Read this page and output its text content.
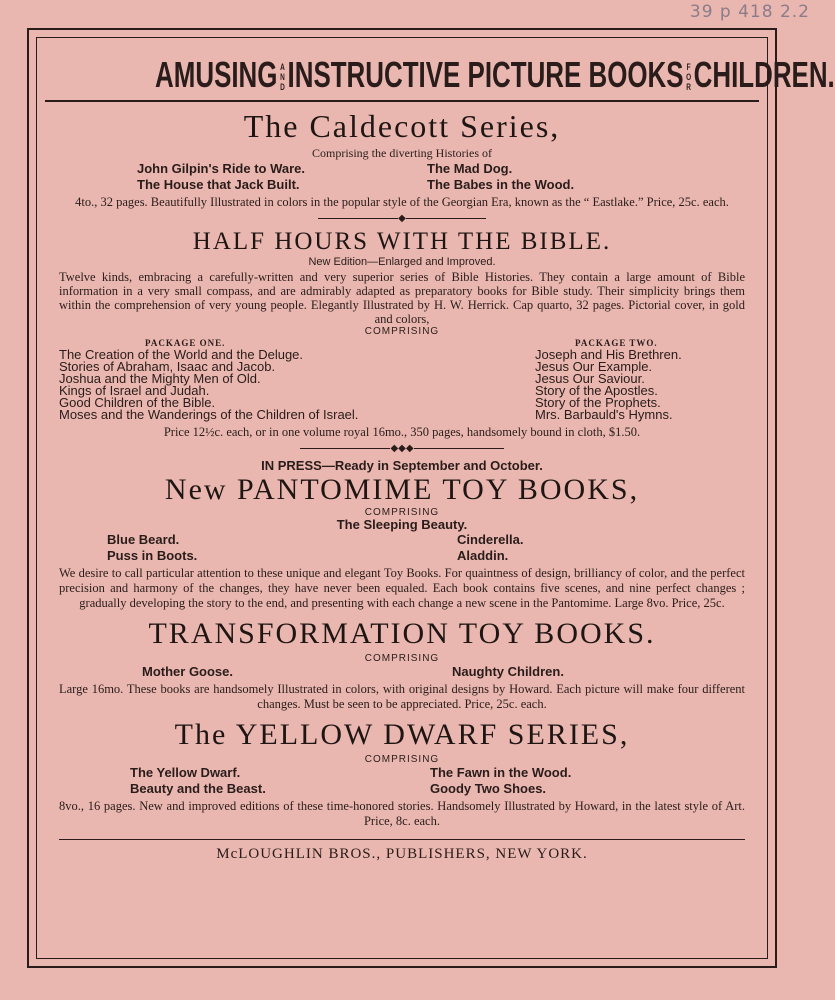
39 p 418 2.2
AMUSINGANDINSTRUCTIVE PICTURE BOOKSFORCHILDREN.
The Caldecott Series,
Comprising the diverting Histories of
John Gilpin's Ride to Ware.
The House that Jack Built.
The Mad Dog.
The Babes in the Wood.
4to., 32 pages. Beautifully Illustrated in colors in the popular style of the Georgian Era, known as the “ Eastlake.” Price, 25c. each.
◆
HALF HOURS WITH THE BIBLE.
New Edition—Enlarged and Improved.
Twelve kinds, embracing a carefully-written and very superior series of Bible Histories. They contain a large amount of Bible information in a very small compass, and are admirably adapted as preparatory books for Bible study. Their simplicity brings them within the comprehension of very young people. Elegantly Illustrated by H. W. Herrick. Cap quarto, 32 pages. Pictorial cover, in gold and colors,
COMPRISING
PACKAGE ONE.
The Creation of the World and the Deluge.
Stories of Abraham, Isaac and Jacob.
Joshua and the Mighty Men of Old.
Kings of Israel and Judah.
Good Children of the Bible.
Moses and the Wanderings of the Children of Israel.
PACKAGE TWO.
Joseph and His Brethren.
Jesus Our Example.
Jesus Our Saviour.
Story of the Apostles.
Story of the Prophets.
Mrs. Barbauld's Hymns.
Price 12½c. each, or in one volume royal 16mo., 350 pages, handsomely bound in cloth, $1.50.
◆◆◆
IN PRESS—Ready in September and October.
New PANTOMIME TOY BOOKS,
COMPRISING
The Sleeping Beauty.
Blue Beard.
Puss in Boots.
Cinderella.
Aladdin.
We desire to call particular attention to these unique and elegant Toy Books. For quaintness of design, brilliancy of color, and the perfect precision and harmony of the changes, they have never been equaled. Each book contains five scenes, and nine perfect changes ; gradually developing the story to the end, and presenting with each change a new scene in the Pantomime. Large 8vo. Price, 25c.
TRANSFORMATION TOY BOOKS.
COMPRISING
Mother Goose.	Naughty Children.
Large 16mo. These books are handsomely Illustrated in colors, with original designs by Howard. Each picture will make four different changes. Must be seen to be appreciated. Price, 25c. each.
The YELLOW DWARF SERIES,
COMPRISING
The Yellow Dwarf.
Beauty and the Beast.
The Fawn in the Wood.
Goody Two Shoes.
8vo., 16 pages. New and improved editions of these time-honored stories. Handsomely Illustrated by Howard, in the latest style of Art. Price, 8c. each.
McLOUGHLIN BROS., PUBLISHERS, NEW YORK.
